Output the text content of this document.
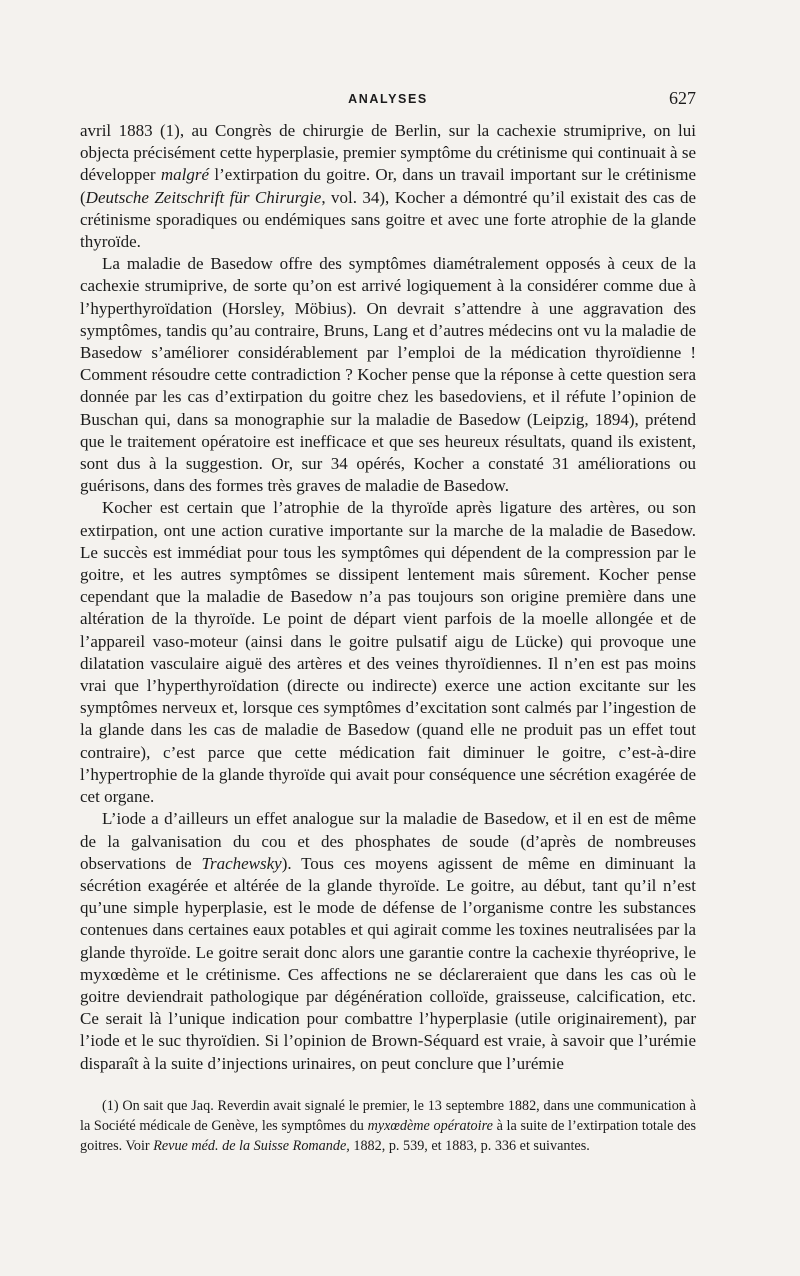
ANALYSES	627

avril 1883 (1), au Congrès de chirurgie de Berlin, sur la cachexie strumiprive, on lui objecta précisément cette hyperplasie, premier symptôme du crétinisme qui continuait à se développer malgré l’extirpation du goitre. Or, dans un travail important sur le crétinisme (Deutsche Zeitschrift für Chirurgie, vol. 34), Kocher a démontré qu’il existait des cas de crétinisme sporadiques ou endémiques sans goitre et avec une forte atrophie de la glande thyroïde.

La maladie de Basedow offre des symptômes diamétralement opposés à ceux de la cachexie strumiprive, de sorte qu’on est arrivé logiquement à la considérer comme due à l’hyperthyroïdation (Horsley, Möbius). On devrait s’attendre à une aggravation des symptômes, tandis qu’au contraire, Bruns, Lang et d’autres médecins ont vu la maladie de Basedow s’améliorer considérablement par l’emploi de la médication thyroïdienne ! Comment résoudre cette contradiction ? Kocher pense que la réponse à cette question sera donnée par les cas d’extirpation du goitre chez les basedoviens, et il réfute l’opinion de Buschan qui, dans sa monographie sur la maladie de Basedow (Leipzig, 1894), prétend que le traitement opératoire est inefficace et que ses heureux résultats, quand ils existent, sont dus à la suggestion. Or, sur 34 opérés, Kocher a constaté 31 améliorations ou guérisons, dans des formes très graves de maladie de Basedow.

Kocher est certain que l’atrophie de la thyroïde après ligature des artères, ou son extirpation, ont une action curative importante sur la marche de la maladie de Basedow. Le succès est immédiat pour tous les symptômes qui dépendent de la compression par le goitre, et les autres symptômes se dissipent lentement mais sûrement. Kocher pense cependant que la maladie de Basedow n’a pas toujours son origine première dans une altération de la thyroïde. Le point de départ vient parfois de la moelle allongée et de l’appareil vaso-moteur (ainsi dans le goitre pulsatif aigu de Lücke) qui provoque une dilatation vasculaire aiguë des artères et des veines thyroïdiennes. Il n’en est pas moins vrai que l’hyperthyroïdation (directe ou indirecte) exerce une action excitante sur les symptômes nerveux et, lorsque ces symptômes d’excitation sont calmés par l’ingestion de la glande dans les cas de maladie de Basedow (quand elle ne produit pas un effet tout contraire), c’est parce que cette médication fait diminuer le goitre, c’est-à-dire l’hypertrophie de la glande thyroïde qui avait pour conséquence une sécrétion exagérée de cet organe.

L’iode a d’ailleurs un effet analogue sur la maladie de Basedow, et il en est de même de la galvanisation du cou et des phosphates de soude (d’après de nombreuses observations de Trachewsky). Tous ces moyens agissent de même en diminuant la sécrétion exagérée et altérée de la glande thyroïde. Le goitre, au début, tant qu’il n’est qu’une simple hyperplasie, est le mode de défense de l’organisme contre les substances contenues dans certaines eaux potables et qui agirait comme les toxines neutralisées par la glande thyroïde. Le goitre serait donc alors une garantie contre la cachexie thyréoprive, le myxœdème et le crétinisme. Ces affections ne se déclareraient que dans les cas où le goitre deviendrait pathologique par dégénération colloïde, graisseuse, calcification, etc. Ce serait là l’unique indication pour combattre l’hyperplasie (utile originairement), par l’iode et le suc thyroïdien. Si l’opinion de Brown-Séquard est vraie, à savoir que l’urémie disparaît à la suite d’injections urinaires, on peut conclure que l’urémie

(1) On sait que Jaq. Reverdin avait signalé le premier, le 13 septembre 1882, dans une communication à la Société médicale de Genève, les symptômes du myxœdème opératoire à la suite de l’extirpation totale des goitres. Voir Revue méd. de la Suisse Romande, 1882, p. 539, et 1883, p. 336 et suivantes.
